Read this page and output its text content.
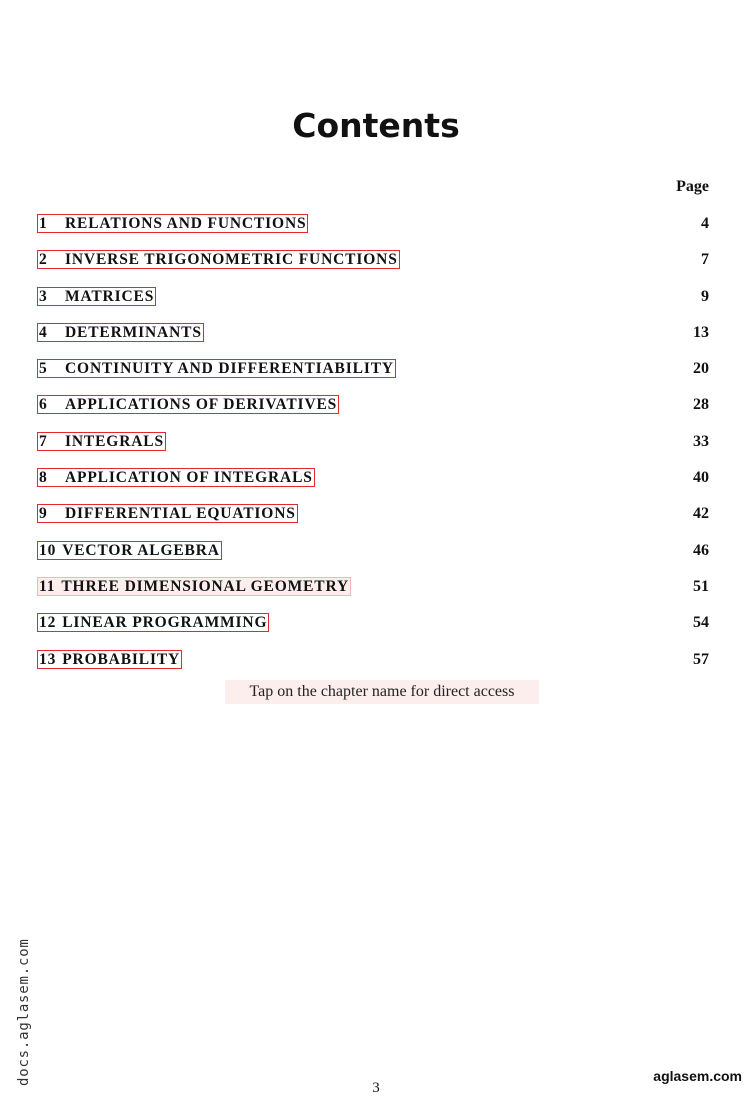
Contents
Page
1 RELATIONS AND FUNCTIONS	4
2 INVERSE TRIGONOMETRIC FUNCTIONS	7
3 MATRICES	9
4 DETERMINANTS	13
5 CONTINUITY AND DIFFERENTIABILITY	20
6 APPLICATIONS OF DERIVATIVES	28
7 INTEGRALS	33
8 APPLICATION OF INTEGRALS	40
9 DIFFERENTIAL EQUATIONS	42
10 VECTOR ALGEBRA	46
11 THREE DIMENSIONAL GEOMETRY	51
12 LINEAR PROGRAMMING	54
13 PROBABILITY	57
Tap on the chapter name for direct access
docs.aglasem.com
3
aglasem.com
